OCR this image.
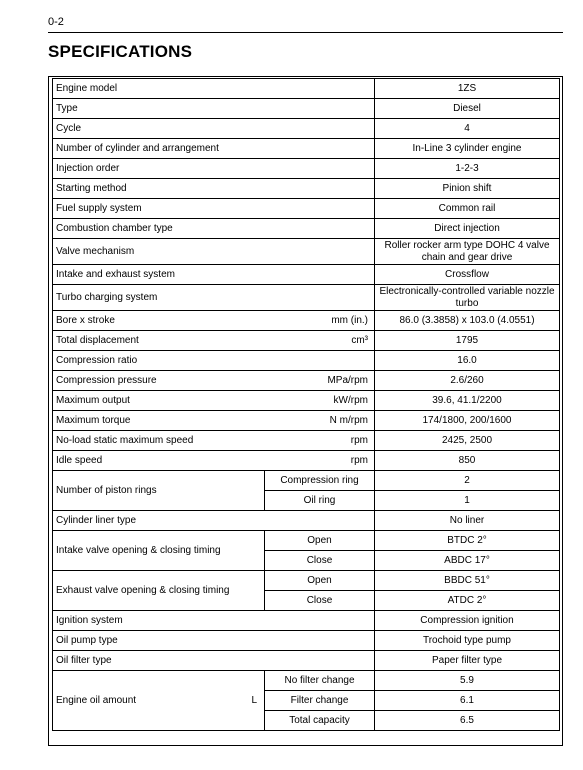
0-2
SPECIFICATIONS
Engine model		1ZS
Type		Diesel
Cycle		4
Number of cylinder and arrangement		In-Line 3 cylinder engine
Injection order		1-2-3
Starting method		Pinion shift
Fuel supply system		Common rail
Combustion chamber type		Direct injection
Valve mechanism		Roller rocker arm type DOHC 4 valve chain and gear drive
Intake and exhaust system		Crossflow
Turbo charging system		Electronically-controlled variable nozzle turbo
Bore x stroke mm (in.)		86.0 (3.3858) x 103.0 (4.0551)
Total displacement cm³		1795
Compression ratio		16.0
Compression pressure MPa/rpm		2.6/260
Maximum output kW/rpm		39.6, 41.1/2200
Maximum torque N m/rpm		174/1800, 200/1600
No-load static maximum speed rpm		2425, 2500
Idle speed rpm		850
Number of piston rings	Compression ring	2
	Oil ring	1
Cylinder liner type		No liner
Intake valve opening & closing timing	Open	BTDC 2°
	Close	ABDC 17°
Exhaust valve opening & closing timing	Open	BBDC 51°
	Close	ATDC 2°
Ignition system		Compression ignition
Oil pump type		Trochoid type pump
Oil filter type		Paper filter type
Engine oil amount L	No filter change	5.9
	Filter change	6.1
	Total capacity	6.5
